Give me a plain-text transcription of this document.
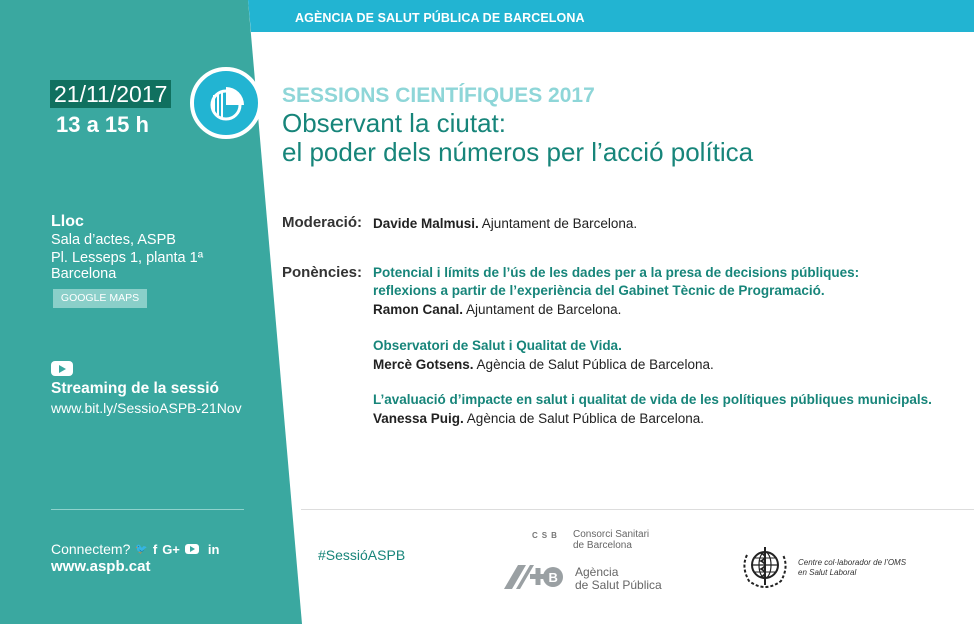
AGÈNCIA DE SALUT PÚBLICA DE BARCELONA
21/11/2017
13 a 15 h
Lloc
Sala d’actes, ASPB
Pl. Lesseps 1, planta 1ª
Barcelona
GOOGLE MAPS
Streaming de la sessió
www.bit.ly/SessioASPB-21Nov
Connectem? 🐦 f G+ in
www.aspb.cat
SESSIONS CIENTÍFIQUES 2017
Observant la ciutat:
el poder dels números per l’acció política
Moderació: Davide Malmusi. Ajuntament de Barcelona.
Ponències: Potencial i límits de l’ús de les dades per a la presa de decisions públiques:
reflexions a partir de l’experiència del Gabinet Tècnic de Programació.
Ramon Canal. Ajuntament de Barcelona.
Observatori de Salut i Qualitat de Vida.
Mercè Gotsens. Agència de Salut Pública de Barcelona.
L’avaluació d’impacte en salut i qualitat de vida de les polítiques públiques municipals.
Vanessa Puig. Agència de Salut Pública de Barcelona.
#SessióASPB
CSB Consorci Sanitari
de Barcelona
B Agència
de Salut Pública
Centre col·laborador de l’OMS
en Salut Laboral
